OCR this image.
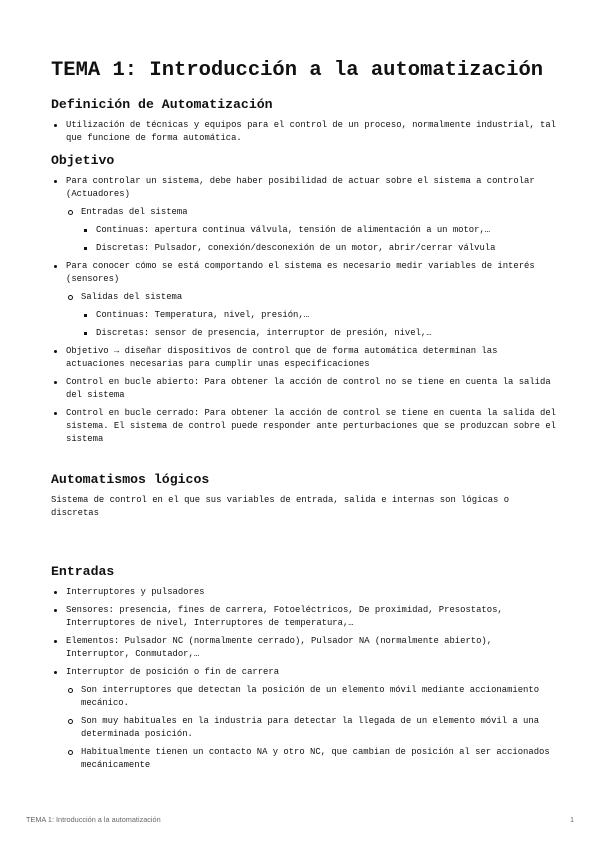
TEMA 1: Introducción a la automatización
Definición de Automatización
Utilización de técnicas y equipos para el control de un proceso, normalmente industrial, tal que funcione de forma automática.
Objetivo
Para controlar un sistema, debe haber posibilidad de actuar sobre el sistema a controlar (Actuadores)
Entradas del sistema
Continuas: apertura continua válvula, tensión de alimentación a un motor,…
Discretas: Pulsador, conexión/desconexión de un motor, abrir/cerrar válvula
Para conocer cómo se está comportando el sistema es necesario medir variables de interés (sensores)
Salidas del sistema
Continuas: Temperatura, nivel, presión,…
Discretas: sensor de presencia, interruptor de presión, nivel,…
Objetivo → diseñar dispositivos de control que de forma automática determinan las actuaciones necesarias para cumplir unas especificaciones
Control en bucle abierto: Para obtener la acción de control no se tiene en cuenta la salida del sistema
Control en bucle cerrado: Para obtener la acción de control se tiene en cuenta la salida del sistema. El sistema de control puede responder ante perturbaciones que se produzcan sobre el sistema
Automatismos lógicos

Sistema de control en el que sus variables de entrada, salida e internas son lógicas o discretas

Entradas
Interruptores y pulsadores
Sensores: presencia, fines de carrera, Fotoeléctricos, De proximidad, Presostatos, Interruptores de nivel, Interruptores de temperatura,…
Elementos: Pulsador NC (normalmente cerrado), Pulsador NA (normalmente abierto), Interruptor, Conmutador,…
Interruptor de posición o fin de carrera
Son interruptores que detectan la posición de un elemento móvil mediante accionamiento mecánico.
Son muy habituales en la industria para detectar la llegada de un elemento móvil a una determinada posición.
Habitualmente tienen un contacto NA y otro NC, que cambian de posición al ser accionados mecánicamente
TEMA 1: Introducción a la automatización	1
